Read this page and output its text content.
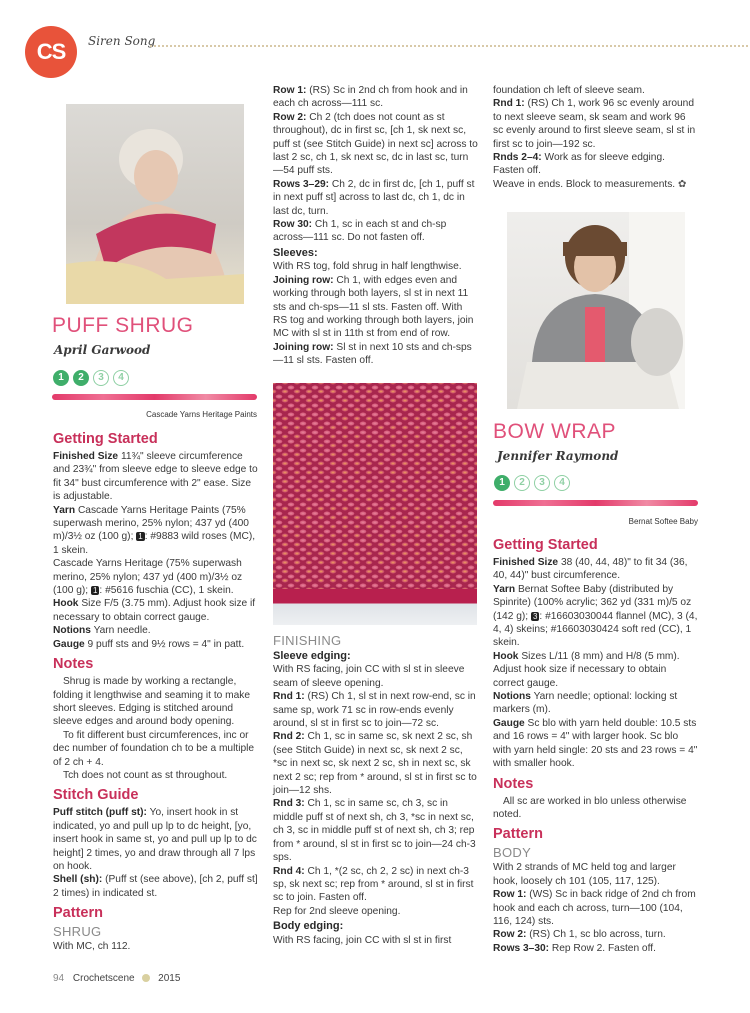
CS	Siren Song
PUFF SHRUG
April Garwood
1 2 3 4
Cascade Yarns Heritage Paints
Getting Started

Finished Size 11¾" sleeve circumference and 23¾" from sleeve edge to sleeve edge to fit 34" bust circumference with 2" ease. Size is adjustable.

Yarn Cascade Yarns Heritage Paints (75% superwash merino, 25% nylon; 437 yd (400 m)/3½ oz (100 g); 1 : #9883 wild roses (MC), 1 skein.

Cascade Yarns Heritage (75% superwash merino, 25% nylon; 437 yd (400 m)/3½ oz (100 g); 1 : #5616 fuschia (CC), 1 skein.

Hook Size F/5 (3.75 mm). Adjust hook size if necessary to obtain correct gauge.

Notions Yarn needle.

Gauge 9 puff sts and 9½ rows = 4" in patt.

Notes

Shrug is made by working a rectangle, folding it lengthwise and seaming it to make short sleeves. Edging is stitched around sleeve edges and around body opening.

To fit different bust circumferences, inc or dec number of foundation ch to be a multiple of 2 ch + 4.

Tch does not count as st throughout.

Stitch Guide

Puff stitch (puff st): Yo, insert hook in st indicated, yo and pull up lp to dc height, [yo, insert hook in same st, yo and pull up lp to dc height] 2 times, yo and draw through all 7 lps on hook.

Shell (sh): (Puff st (see above), [ch 2, puff st] 2 times) in indicated st.

Pattern
SHRUG

With MC, ch 112.

Row 1: (RS) Sc in 2nd ch from hook and in each ch across—111 sc.

Row 2: Ch 2 (tch does not count as st throughout), dc in first sc, [ch 1, sk next sc, puff st (see Stitch Guide) in next sc] across to last 2 sc, ch 1, sk next sc, dc in last sc, turn—54 puff sts.

Rows 3–29: Ch 2, dc in first dc, [ch 1, puff st in next puff st] across to last dc, ch 1, dc in last dc, turn.

Row 30: Ch 1, sc in each st and ch-sp across—111 sc. Do not fasten off.

Sleeves:

With RS tog, fold shrug in half lengthwise.

Joining row: Ch 1, with edges even and working through both layers, sl st in next 11 sts and ch-sps—11 sl sts. Fasten off. With RS tog and working through both layers, join MC with sl st in 11th st from end of row.

Joining row: Sl st in next 10 sts and ch-sps—11 sl sts. Fasten off.

FINISHING
Sleeve edging:

With RS facing, join CC with sl st in sleeve seam of sleeve opening.

Rnd 1: (RS) Ch 1, sl st in next row-end, sc in same sp, work 71 sc in row-ends evenly around, sl st in first sc to join—72 sc.

Rnd 2: Ch 1, sc in same sc, sk next 2 sc, sh (see Stitch Guide) in next sc, sk next 2 sc, *sc in next sc, sk next 2 sc, sh in next sc, sk next 2 sc; rep from * around, sl st in first sc to join—12 shs.

Rnd 3: Ch 1, sc in same sc, ch 3, sc in middle puff st of next sh, ch 3, *sc in next sc, ch 3, sc in middle puff st of next sh, ch 3; rep from * around, sl st in first sc to join—24 ch-3 sps.

Rnd 4: Ch 1, *(2 sc, ch 2, 2 sc) in next ch-3 sp, sk next sc; rep from * around, sl st in first sc to join. Fasten off.

Rep for 2nd sleeve opening.

Body edging:

With RS facing, join CC with sl st in first

foundation ch left of sleeve seam.

Rnd 1: (RS) Ch 1, work 96 sc evenly around to next sleeve seam, sk seam and work 96 sc evenly around to first sleeve seam, sl st in first sc to join—192 sc.

Rnds 2–4: Work as for sleeve edging. Fasten off.

Weave in ends. Block to measurements. ✿

BOW WRAP
Jennifer Raymond
1 2 3 4
Bernat Softee Baby
Getting Started

Finished Size 38 (40, 44, 48)" to fit 34 (36, 40, 44)" bust circumference.

Yarn Bernat Softee Baby (distributed by Spinrite) (100% acrylic; 362 yd (331 m)/5 oz (142 g); 3 : #16603030044 flannel (MC), 3 (4, 4, 4) skeins; #16603030424 soft red (CC), 1 skein.

Hook Sizes L/11 (8 mm) and H/8 (5 mm). Adjust hook size if necessary to obtain correct gauge.

Notions Yarn needle; optional: locking st markers (m).

Gauge Sc blo with yarn held double: 10.5 sts and 16 rows = 4" with larger hook. Sc blo with yarn held single: 20 sts and 23 rows = 4" with smaller hook.

Notes

All sc are worked in blo unless otherwise noted.

Pattern
BODY

With 2 strands of MC held tog and larger hook, loosely ch 101 (105, 117, 125).

Row 1: (WS) Sc in back ridge of 2nd ch from hook and each ch across, turn—100 (104, 116, 124) sts.

Row 2: (RS) Ch 1, sc blo across, turn.

Rows 3–30: Rep Row 2. Fasten off.

94 Crochetscene 2015
